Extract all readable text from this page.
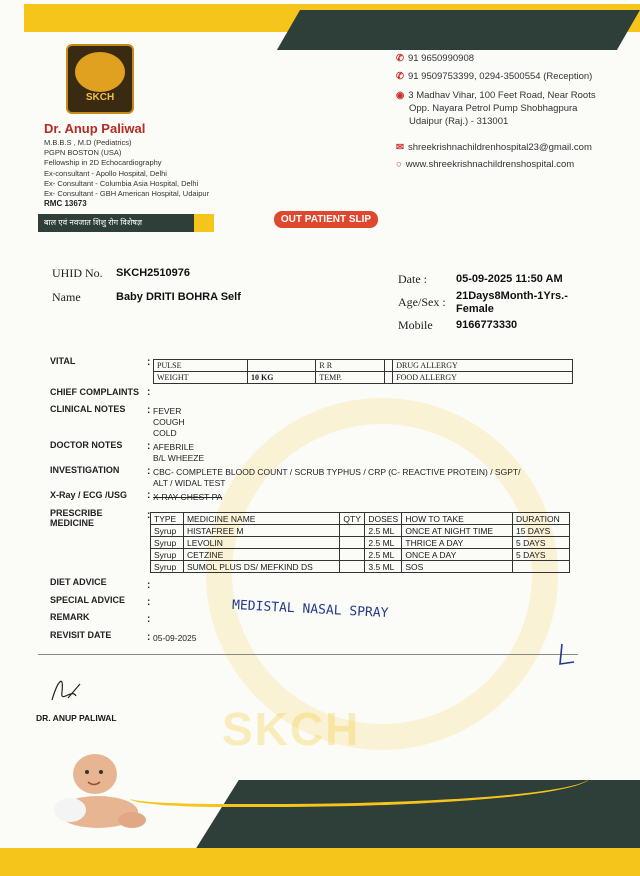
SKCH
SKCH
Dr. Anup Paliwal
M.B.B.S , M.D (Pediatrics)
PGPN BOSTON (USA)
Fellowship in 2D Echocardiography
Ex-consultant - Apollo Hospital, Delhi
Ex- Consultant - Columbia Asia Hospital, Delhi
Ex- Consultant - GBH American Hospital, Udaipur
RMC 13673
बाल एवं नवजात शिशु रोग विशेषज्ञ
✆ 91 9650990908
✆ 91 9509753399, 0294-3500554 (Reception)
◉ 3 Madhav Vihar, 100 Feet Road, Near Roots
Opp. Nayara Petrol Pump Shobhagpura
Udaipur (Raj.) - 313001
✉ shreekrishnachildrenhospital23@gmail.com
○ www.shreekrishnachildrenshospital.com
OUT PATIENT SLIP
UHID No. SKCH2510976
Name	Baby DRITI BOHRA Self
Date :	05-09-2025 11:50 AM
Age/Sex : 21Days8Month-1Yrs.-
Female
Mobile 9166773330
VITAL	: PULSE		R R		DRUG ALLERGY
WEIGHT	10 KG	TEMP.		FOOD ALLERGY
CHIEF COMPLAINTS :
CLINICAL NOTES : FEVER
COUGH
COLD
DOCTOR NOTES : AFEBRILE
B/L WHEEZE
INVESTIGATION	: CBC- COMPLETE BLOOD COUNT / SCRUB TYPHUS / CRP (C- REACTIVE PROTEIN) / SGPT/
ALT / WIDAL TEST
X-Ray / ECG /USG : X-RAY CHEST PA
PRESCRIBE
MEDICINE
: TYPE	MEDICINE NAME	QTY	DOSES	HOW TO TAKE	DURATION
Syrup	HISTAFREE M		2.5 ML	ONCE AT NIGHT TIME	15 DAYS
Syrup	LEVOLIN		2.5 ML	THRICE A DAY	5 DAYS
Syrup	CETZINE		2.5 ML	ONCE A DAY	5 DAYS
Syrup	SUMOL PLUS DS/ MEFKIND DS		3.5 ML	SOS	
DIET ADVICE	:
SPECIAL ADVICE :
REMARK	:	MEDISTAL NASAL SPRAY
REVISIT DATE	: 05-09-2025
DR. ANUP PALIWAL
